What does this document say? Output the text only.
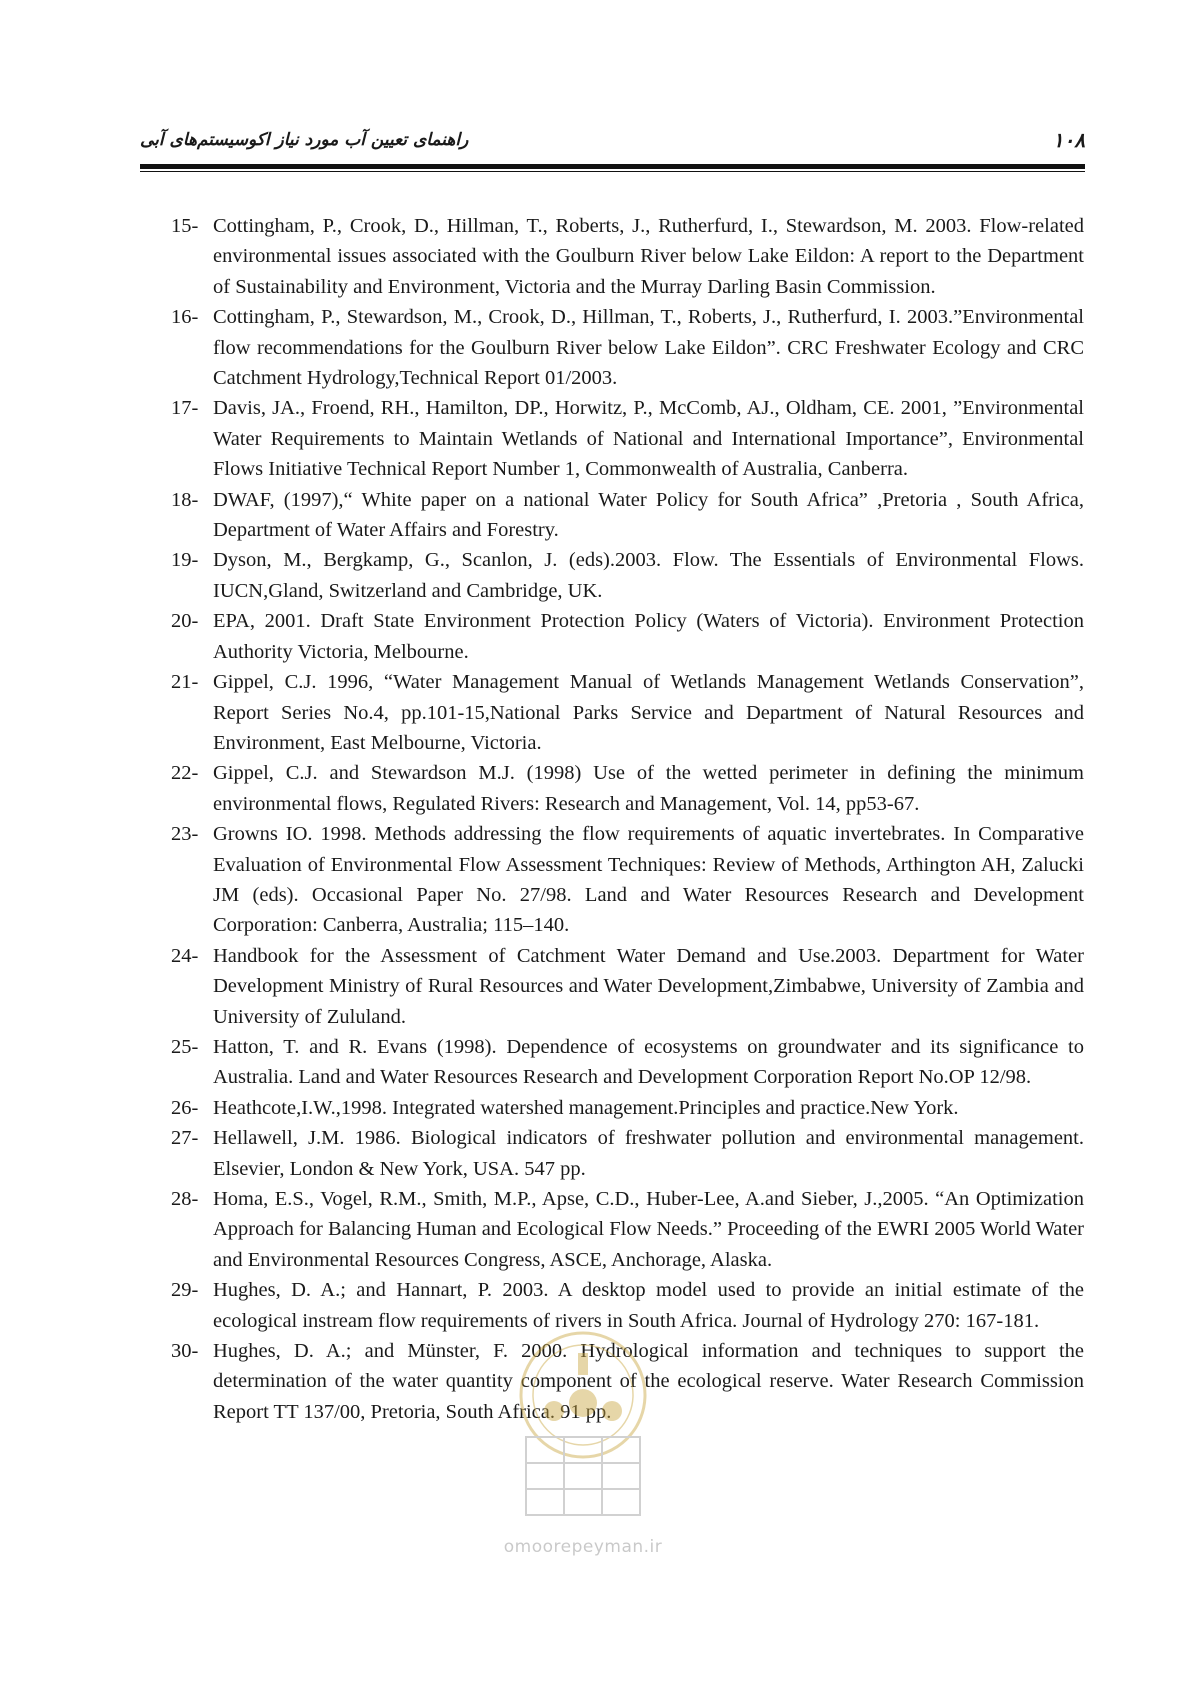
راهنمای تعیین آب مورد نیاز اکوسیستم‌های آبی	١٠٨
15- Cottingham, P., Crook, D., Hillman, T., Roberts, J., Rutherfurd, I., Stewardson, M. 2003. Flow-related environmental issues associated with the Goulburn River below Lake Eildon: A report to the Department of Sustainability and Environment, Victoria and the Murray Darling Basin Commission.
16- Cottingham, P., Stewardson, M., Crook, D., Hillman, T., Roberts, J., Rutherfurd, I. 2003.”Environmental flow recommendations for the Goulburn River below Lake Eildon”. CRC Freshwater Ecology and CRC Catchment Hydrology,Technical Report 01/2003.
17- Davis, JA., Froend, RH., Hamilton, DP., Horwitz, P., McComb, AJ., Oldham, CE. 2001, ”Environmental Water Requirements to Maintain Wetlands of National and International Importance”, Environmental Flows Initiative Technical Report Number 1, Commonwealth of Australia, Canberra.
18- DWAF, (1997),“ White paper on a national Water Policy for South Africa” ,Pretoria , South Africa, Department of Water Affairs and Forestry.
19- Dyson, M., Bergkamp, G., Scanlon, J. (eds).2003. Flow. The Essentials of Environmental Flows. IUCN,Gland, Switzerland and Cambridge, UK.
20- EPA, 2001. Draft State Environment Protection Policy (Waters of Victoria). Environment Protection Authority Victoria, Melbourne.
21- Gippel, C.J. 1996, “Water Management Manual of Wetlands Management Wetlands Conservation”, Report Series No.4, pp.101-15,National Parks Service and Department of Natural Resources and Environment, East Melbourne, Victoria.
22- Gippel, C.J. and Stewardson M.J. (1998) Use of the wetted perimeter in defining the minimum environmental flows, Regulated Rivers: Research and Management, Vol. 14, pp53-67.
23- Growns IO. 1998. Methods addressing the flow requirements of aquatic invertebrates. In Comparative Evaluation of Environmental Flow Assessment Techniques: Review of Methods, Arthington AH, Zalucki JM (eds). Occasional Paper No. 27/98. Land and Water Resources Research and Development Corporation: Canberra, Australia; 115–140.
24- Handbook for the Assessment of Catchment Water Demand and Use.2003. Department for Water Development Ministry of Rural Resources and Water Development,Zimbabwe, University of Zambia and University of Zululand.
25- Hatton, T. and R. Evans (1998). Dependence of ecosystems on groundwater and its significance to Australia. Land and Water Resources Research and Development Corporation Report No.OP 12/98.
26- Heathcote,I.W.,1998. Integrated watershed management.Principles and practice.New York.
27- Hellawell, J.M. 1986. Biological indicators of freshwater pollution and environmental management. Elsevier, London & New York, USA. 547 pp.
28- Homa, E.S., Vogel, R.M., Smith, M.P., Apse, C.D., Huber-Lee, A.and Sieber, J.,2005. “An Optimization Approach for Balancing Human and Ecological Flow Needs.” Proceeding of the EWRI 2005 World Water and Environmental Resources Congress, ASCE, Anchorage, Alaska.
29- Hughes, D. A.; and Hannart, P. 2003. A desktop model used to provide an initial estimate of the ecological instream flow requirements of rivers in South Africa. Journal of Hydrology 270: 167-181.
30- Hughes, D. A.; and Münster, F. 2000. Hydrological information and techniques to support the determination of the water quantity component of the ecological reserve. Water Research Commission Report TT 137/00, Pretoria, South Africa. 91 pp.
omoorepeyman.ir
